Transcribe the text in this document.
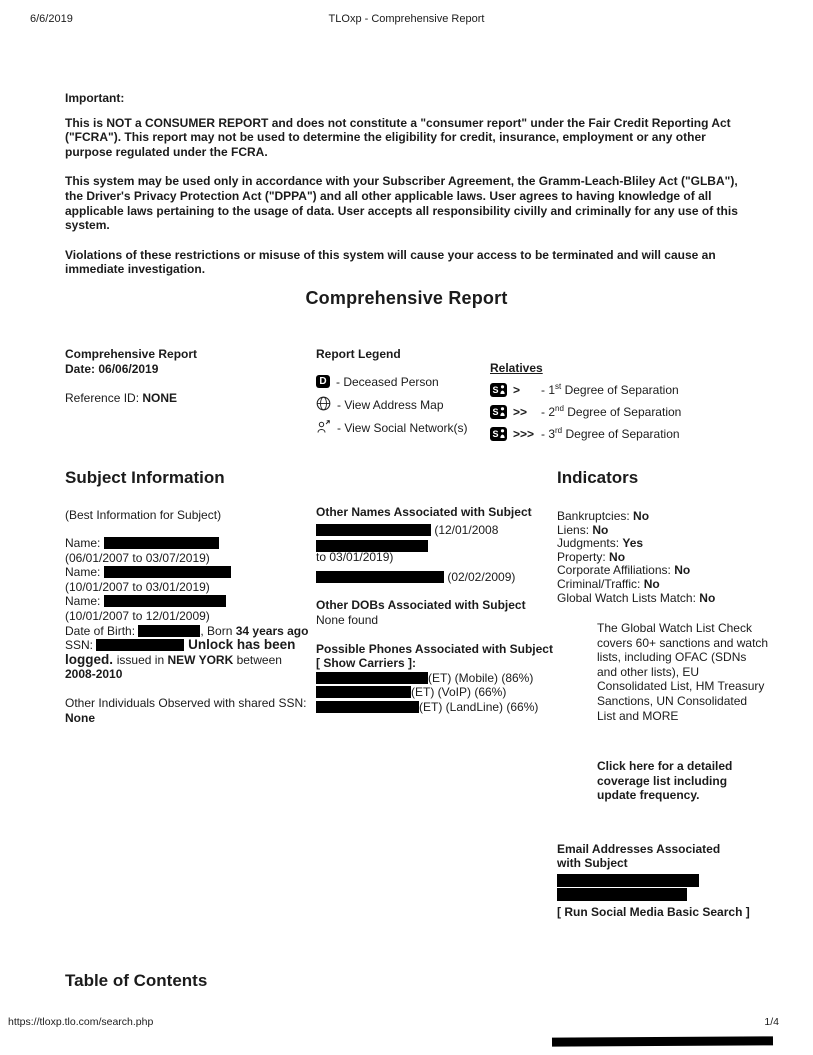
6/6/2019	TLOxp - Comprehensive Report
Important:

This is NOT a CONSUMER REPORT and does not constitute a "consumer report" under the Fair Credit Reporting Act ("FCRA"). This report may not be used to determine the eligibility for credit, insurance, employment or any other purpose regulated under the FCRA.

This system may be used only in accordance with your Subscriber Agreement, the Gramm-Leach-Bliley Act ("GLBA"), the Driver's Privacy Protection Act ("DPPA") and all other applicable laws. User agrees to having knowledge of all applicable laws pertaining to the usage of data. User accepts all responsibility civilly and criminally for any use of this system.

Violations of these restrictions or misuse of this system will cause your access to be terminated and will cause an immediate investigation.

Comprehensive Report
Comprehensive Report
Date: 06/06/2019
Reference ID: NONE
Report Legend
D - Deceased Person
- View Address Map
- View Social Network(s)
Relatives
S	>	- 1st Degree of Separation
S	>>	- 2nd Degree of Separation
S	>>> - 3rd Degree of Separation
Subject Information
(Best Information for Subject)
Name:
(06/01/2007 to 03/07/2019)
Name:
(10/01/2007 to 03/01/2019)
Name:
(10/01/2007 to 12/01/2009)
Date of Birth:	, Born 34 years ago
SSN:	Unlock has been logged. issued in NEW YORK between 2008-2010
Other Individuals Observed with shared SSN: None
Other Names Associated with Subject
(12/01/2008
to 03/01/2019)
(02/02/2009)
Other DOBs Associated with Subject
None found
Possible Phones Associated with Subject [ Show Carriers ]:
(ET) (Mobile) (86%)
(ET) (VoIP) (66%)
(ET) (LandLine) (66%)
Indicators
Bankruptcies: No
Liens: No
Judgments: Yes
Property: No
Corporate Affiliations: No
Criminal/Traffic: No
Global Watch Lists Match: No
The Global Watch List Check covers 60+ sanctions and watch lists, including OFAC (SDNs and other lists), EU Consolidated List, HM Treasury Sanctions, UN Consolidated List and MORE
Click here for a detailed coverage list including update frequency.
Email Addresses Associated with Subject
[ Run Social Media Basic Search ]
Table of Contents
https://tloxp.tlo.com/search.php	1/4
